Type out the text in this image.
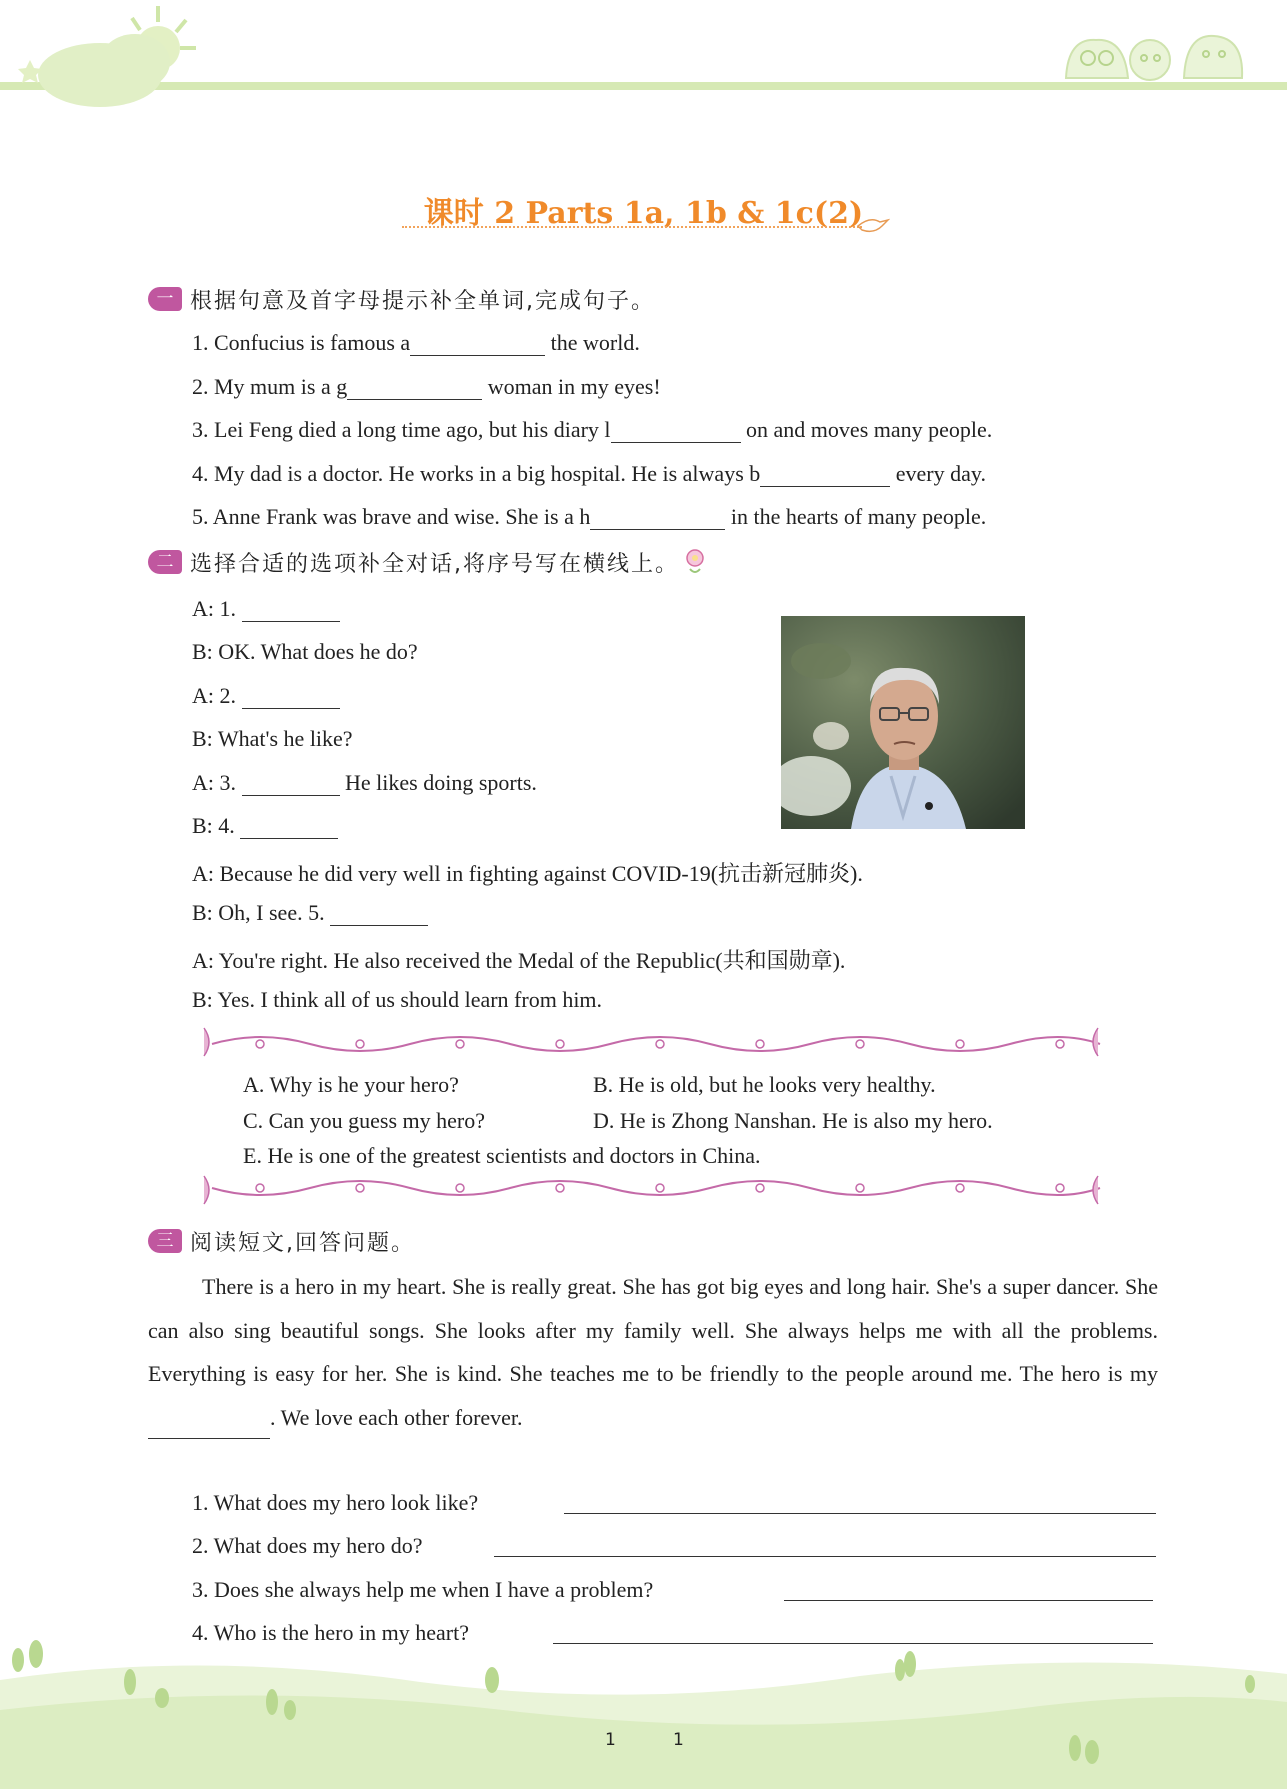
课时 2 Parts 1a, 1b & 1c(2)
一 根据句意及首字母提示补全单词,完成句子。
1. Confucius is famous a	the world.
2. My mum is a g	woman in my eyes!
3. Lei Feng died a long time ago, but his diary l	on and moves many people.
4. My dad is a doctor. He works in a big hospital. He is always b	every day.
5. Anne Frank was brave and wise. She is a h	in the hearts of many people.
二 选择合适的选项补全对话,将序号写在横线上。
A: 1.
B: OK. What does he do?
A: 2.
B: What's he like?
A: 3.	He likes doing sports.
B: 4.
A: Because he did very well in fighting against COVID-19(抗击新冠肺炎).
B: Oh, I see. 5.
A: You're right. He also received the Medal of the Republic(共和国勋章).
B: Yes. I think all of us should learn from him.
A. Why is he your hero?	B. He is old, but he looks very healthy.
C. Can you guess my hero?	D. He is Zhong Nanshan. He is also my hero.
E. He is one of the greatest scientists and doctors in China.
三 阅读短文,回答问题。
There is a hero in my heart. She is really great. She has got big eyes and long hair. She's a super dancer. She can also sing beautiful songs. She looks after my family well. She always helps me with all the problems. Everything is easy for her. She is kind. She teaches me to be friendly to the people around me. The hero is my . We love each other forever.
1. What does my hero look like?
2. What does my hero do?
3. Does she always help me when I have a problem?
4. Who is the hero in my heart?
1	1
